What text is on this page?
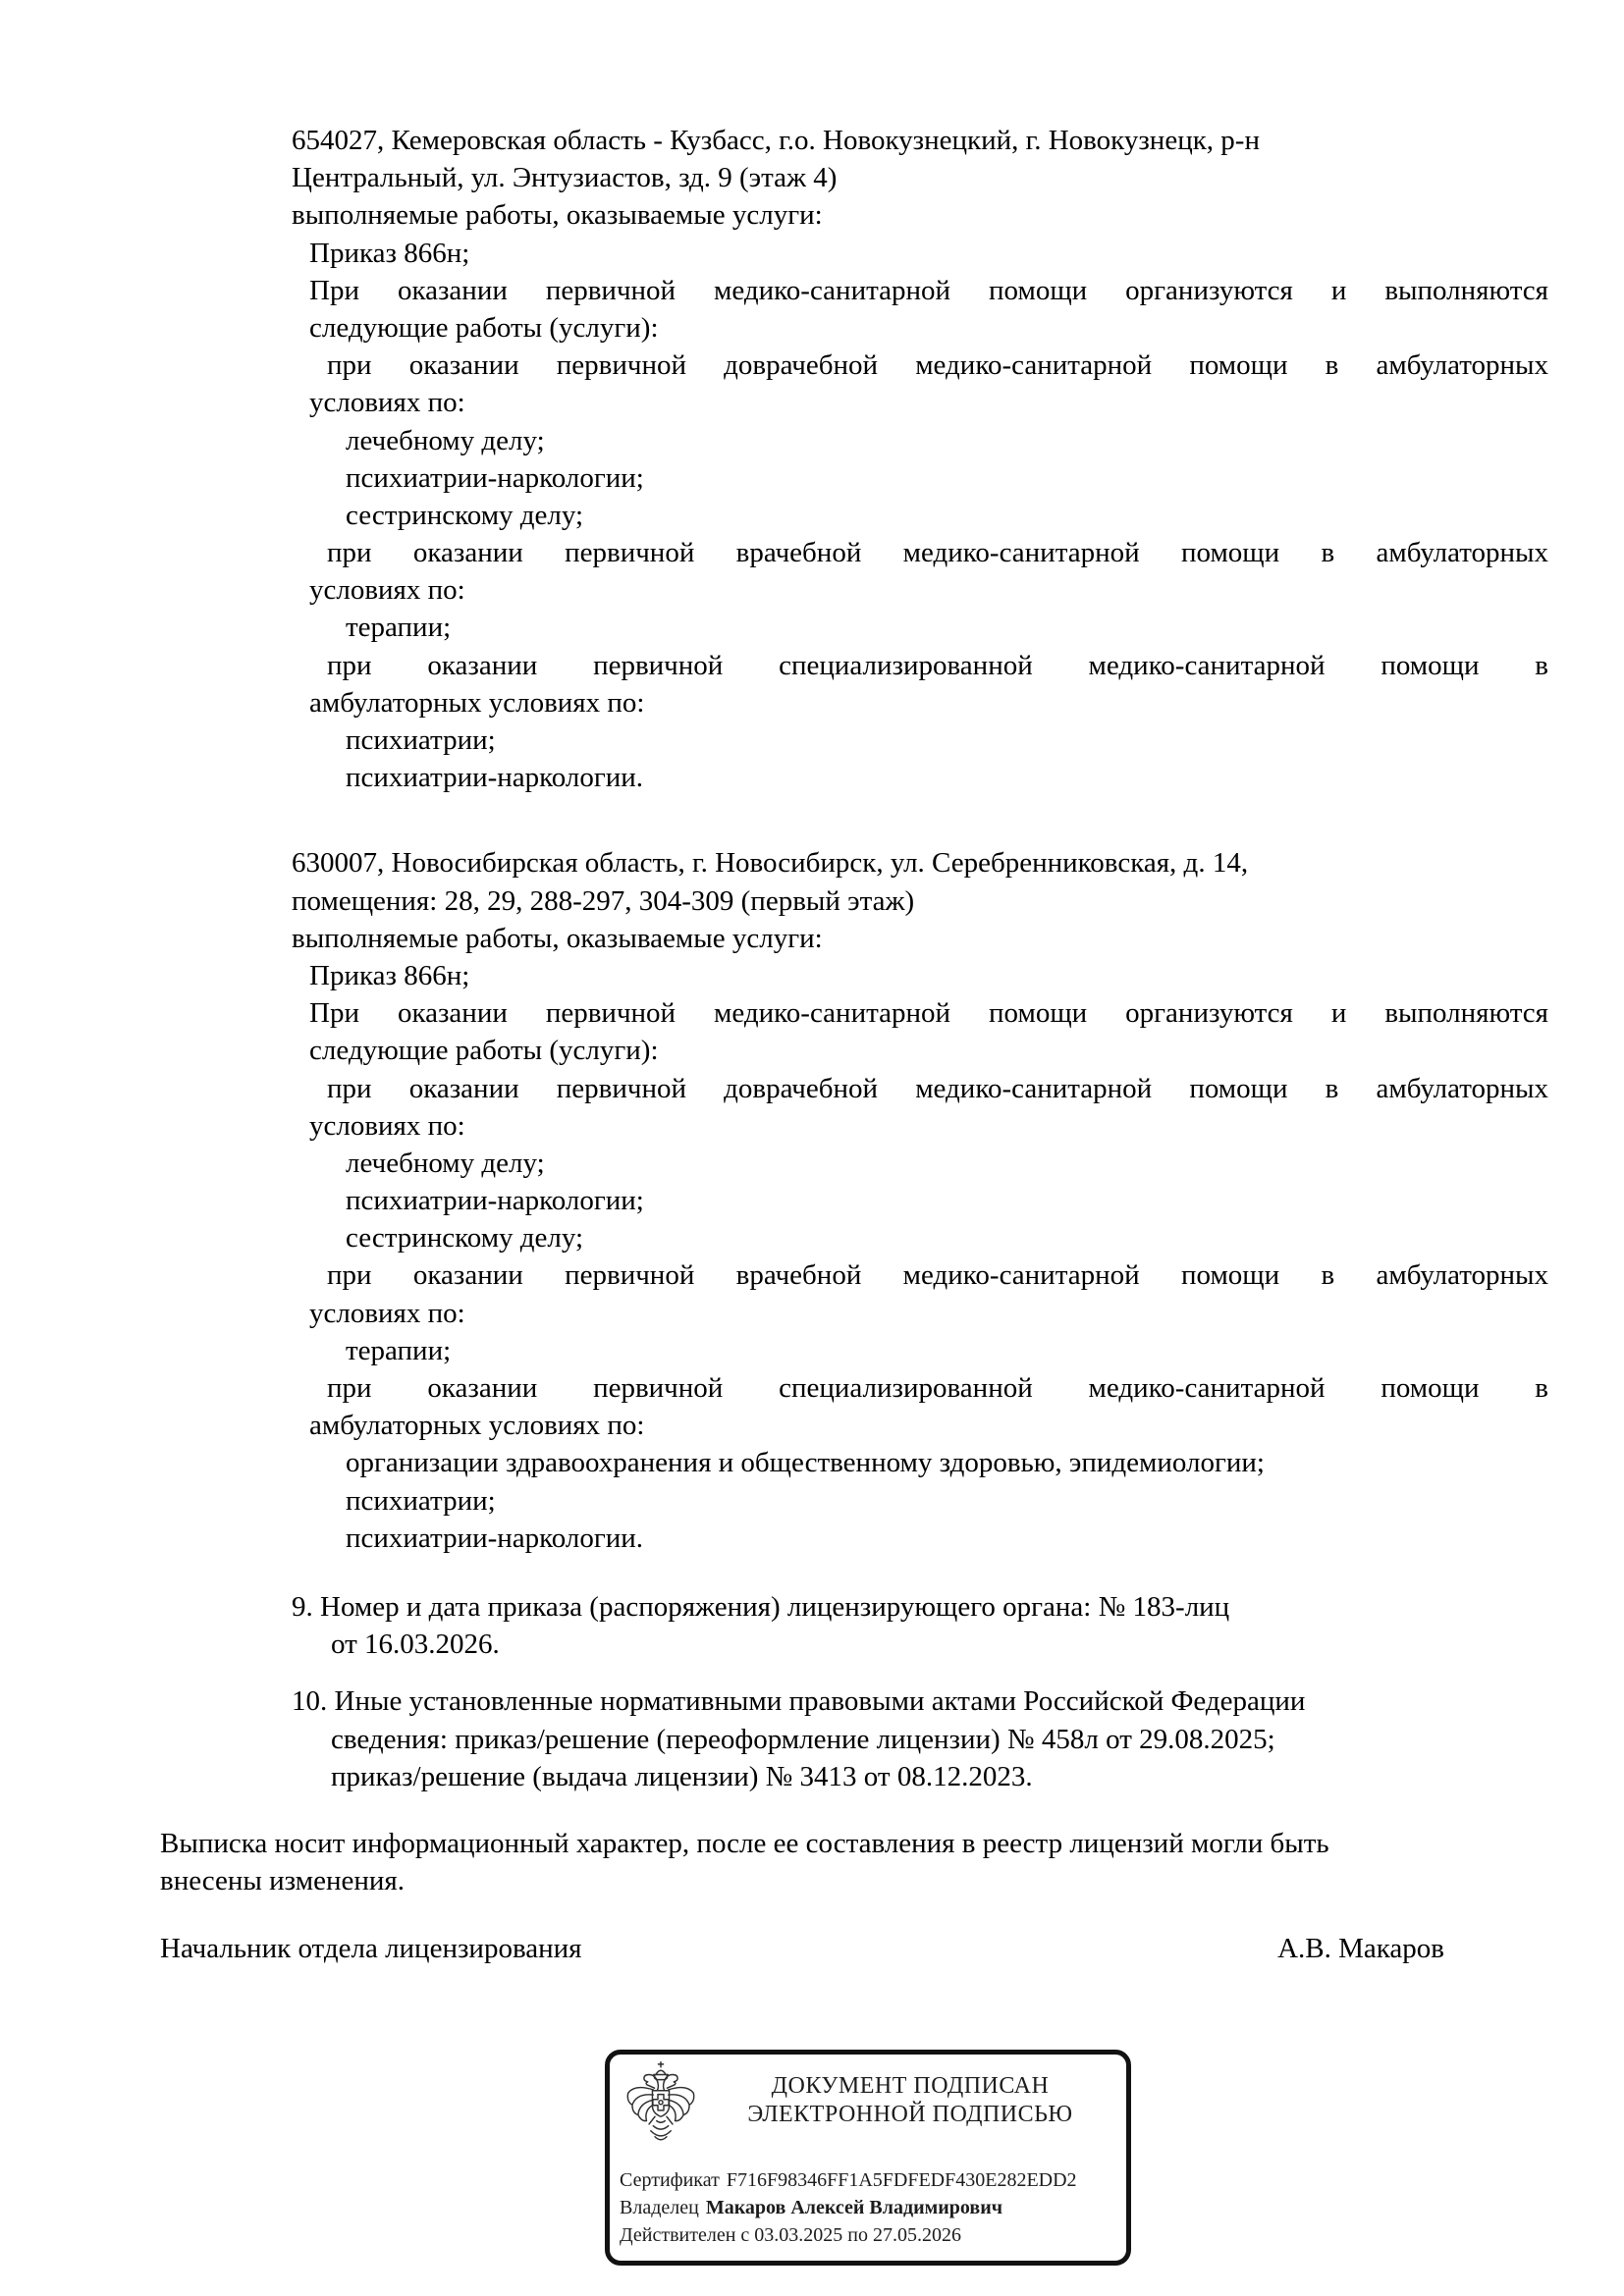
654027, Кемеровская область - Кузбасс, г.о. Новокузнецкий, г. Новокузнецк, р-н
Центральный, ул. Энтузиастов, зд. 9 (этаж 4)
выполняемые работы, оказываемые услуги:
Приказ 866н;
При оказании первичной медико-санитарной помощи организуются и выполняются
следующие работы (услуги):
при оказании первичной доврачебной медико-санитарной помощи в амбулаторных
условиях по:
лечебному делу;
психиатрии-наркологии;
сестринскому делу;
при оказании первичной врачебной медико-санитарной помощи в амбулаторных
условиях по:
терапии;
при оказании первичной специализированной медико-санитарной помощи в
амбулаторных условиях по:
психиатрии;
психиатрии-наркологии.
630007, Новосибирская область, г. Новосибирск, ул. Серебренниковская, д. 14,
помещения: 28, 29, 288-297, 304-309 (первый этаж)
выполняемые работы, оказываемые услуги:
Приказ 866н;
При оказании первичной медико-санитарной помощи организуются и выполняются
следующие работы (услуги):
при оказании первичной доврачебной медико-санитарной помощи в амбулаторных
условиях по:
лечебному делу;
психиатрии-наркологии;
сестринскому делу;
при оказании первичной врачебной медико-санитарной помощи в амбулаторных
условиях по:
терапии;
при оказании первичной специализированной медико-санитарной помощи в
амбулаторных условиях по:
организации здравоохранения и общественному здоровью, эпидемиологии;
психиатрии;
психиатрии-наркологии.
9. Номер и дата приказа (распоряжения) лицензирующего органа: № 183-лиц
от 16.03.2026.
10. Иные установленные нормативными правовыми актами Российской Федерации
сведения: приказ/решение (переоформление лицензии) № 458л от 29.08.2025;
приказ/решение (выдача лицензии) № 3413 от 08.12.2023.
Выписка носит информационный характер, после ее составления в реестр лицензий могли быть
внесены изменения.
Начальник отдела лицензирования	А.В. Макаров
ДОКУМЕНТ ПОДПИСАН
ЭЛЕКТРОННОЙ ПОДПИСЬЮ
Сертификат F716F98346FF1A5FDFEDF430E282EDD2
Владелец Макаров Алексей Владимирович
Действителен с 03.03.2025 по 27.05.2026
